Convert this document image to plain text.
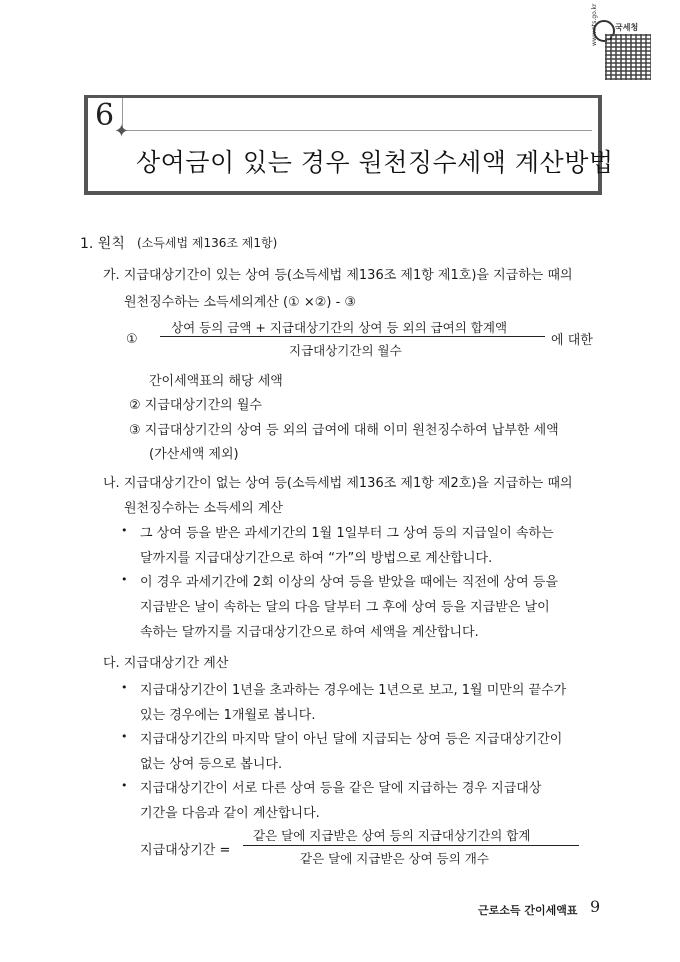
국세청
www.nts.go.kr
6 ✦
상여금이 있는 경우 원천징수세액 계산방법
1. 원칙 (소득세법 제136조 제1항)
가. 지급대상기간이 있는 상여 등(소득세법 제136조 제1항 제1호)을 지급하는 때의
원천징수하는 소득세의계산 (① ×②) - ③
①
상여 등의 금액 + 지급대상기간의 상여 등 외의 급여의 합계액
지급대상기간의 월수
에 대한
간이세액표의 해당 세액
② 지급대상기간의 월수
③ 지급대상기간의 상여 등 외의 급여에 대해 이미 원천징수하여 납부한 세액
(가산세액 제외)
나. 지급대상기간이 없는 상여 등(소득세법 제136조 제1항 제2호)을 지급하는 때의
원천징수하는 소득세의 계산
• 그 상여 등을 받은 과세기간의 1월 1일부터 그 상여 등의 지급일이 속하는
달까지를 지급대상기간으로 하여 “가”의 방법으로 계산합니다.
• 이 경우 과세기간에 2회 이상의 상여 등을 받았을 때에는 직전에 상여 등을
지급받은 날이 속하는 달의 다음 달부터 그 후에 상여 등을 지급받은 날이
속하는 달까지를 지급대상기간으로 하여 세액을 계산합니다.
다. 지급대상기간 계산
• 지급대상기간이 1년을 초과하는 경우에는 1년으로 보고, 1월 미만의 끝수가
있는 경우에는 1개월로 봅니다.
• 지급대상기간의 마지막 달이 아닌 달에 지급되는 상여 등은 지급대상기간이
없는 상여 등으로 봅니다.
• 지급대상기간이 서로 다른 상여 등을 같은 달에 지급하는 경우 지급대상
기간을 다음과 같이 계산합니다.
지급대상기간 =
같은 달에 지급받은 상여 등의 지급대상기간의 합계
같은 달에 지급받은 상여 등의 개수
근로소득 간이세액표 9
